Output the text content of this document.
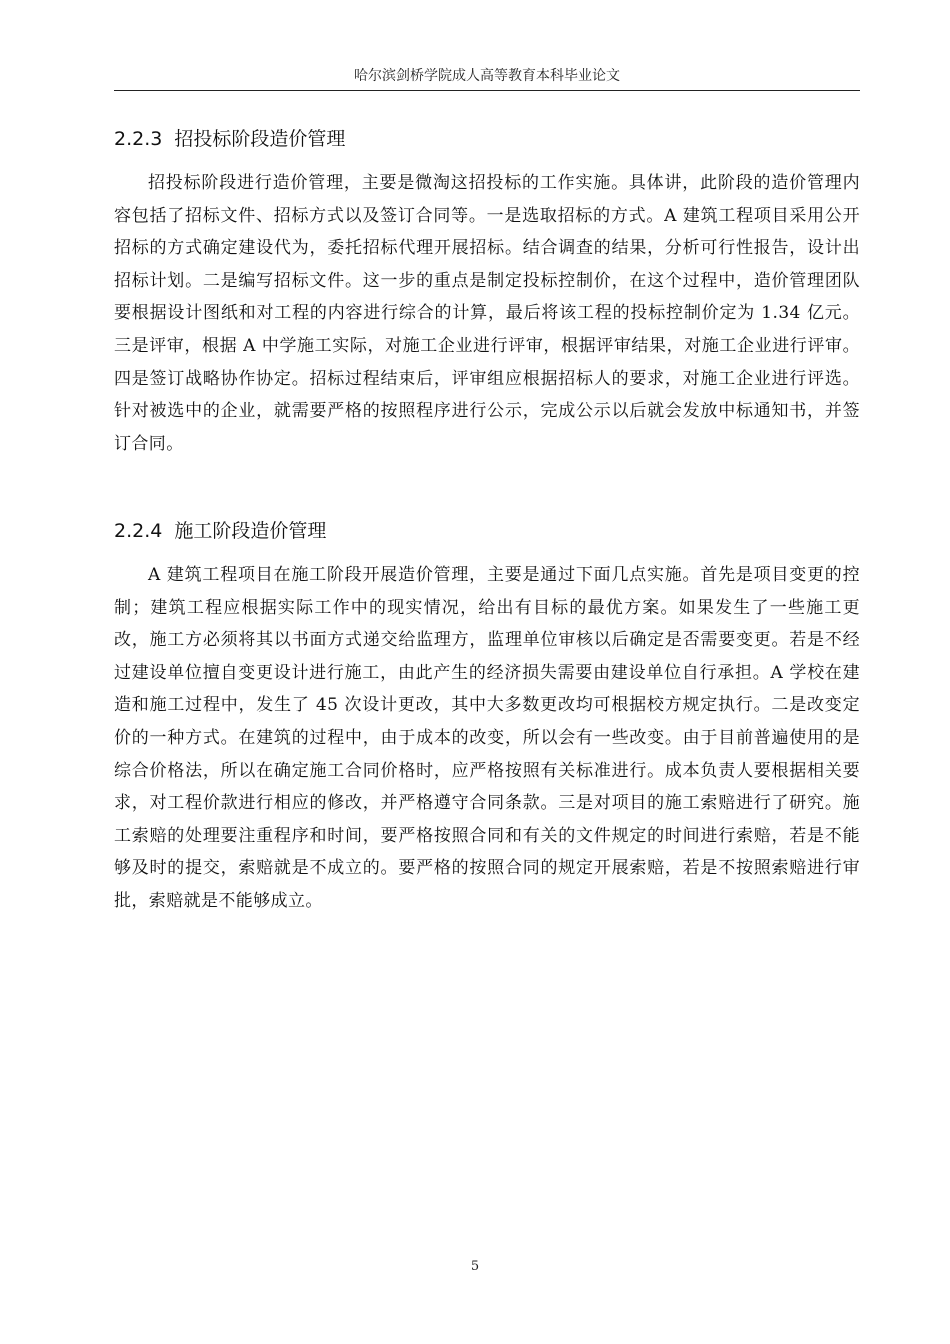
哈尔滨剑桥学院成人高等教育本科毕业论文
2.2.3 招投标阶段造价管理

招投标阶段进行造价管理，主要是微淘这招投标的工作实施。具体讲，此阶段的造价管理内容包括了招标文件、招标方式以及签订合同等。一是选取招标的方式。A 建筑工程项目采用公开招标的方式确定建设代为，委托招标代理开展招标。结合调查的结果，分析可行性报告，设计出招标计划。二是编写招标文件。这一步的重点是制定投标控制价，在这个过程中，造价管理团队要根据设计图纸和对工程的内容进行综合的计算，最后将该工程的投标控制价定为 1.34 亿元。三是评审，根据 A 中学施工实际，对施工企业进行评审，根据评审结果，对施工企业进行评审。四是签订战略协作协定。招标过程结束后，评审组应根据招标人的要求，对施工企业进行评选。针对被选中的企业，就需要严格的按照程序进行公示，完成公示以后就会发放中标通知书，并签订合同。

2.2.4 施工阶段造价管理

A 建筑工程项目在施工阶段开展造价管理，主要是通过下面几点实施。首先是项目变更的控制；建筑工程应根据实际工作中的现实情况，给出有目标的最优方案。如果发生了一些施工更改，施工方必须将其以书面方式递交给监理方，监理单位审核以后确定是否需要变更。若是不经过建设单位擅自变更设计进行施工，由此产生的经济损失需要由建设单位自行承担。A 学校在建造和施工过程中，发生了 45 次设计更改，其中大多数更改均可根据校方规定执行。二是改变定价的一种方式。在建筑的过程中，由于成本的改变，所以会有一些改变。由于目前普遍使用的是综合价格法，所以在确定施工合同价格时，应严格按照有关标准进行。成本负责人要根据相关要求，对工程价款进行相应的修改，并严格遵守合同条款。三是对项目的施工索赔进行了研究。施工索赔的处理要注重程序和时间，要严格按照合同和有关的文件规定的时间进行索赔，若是不能够及时的提交，索赔就是不成立的。要严格的按照合同的规定开展索赔，若是不按照索赔进行审批，索赔就是不能够成立。

5
